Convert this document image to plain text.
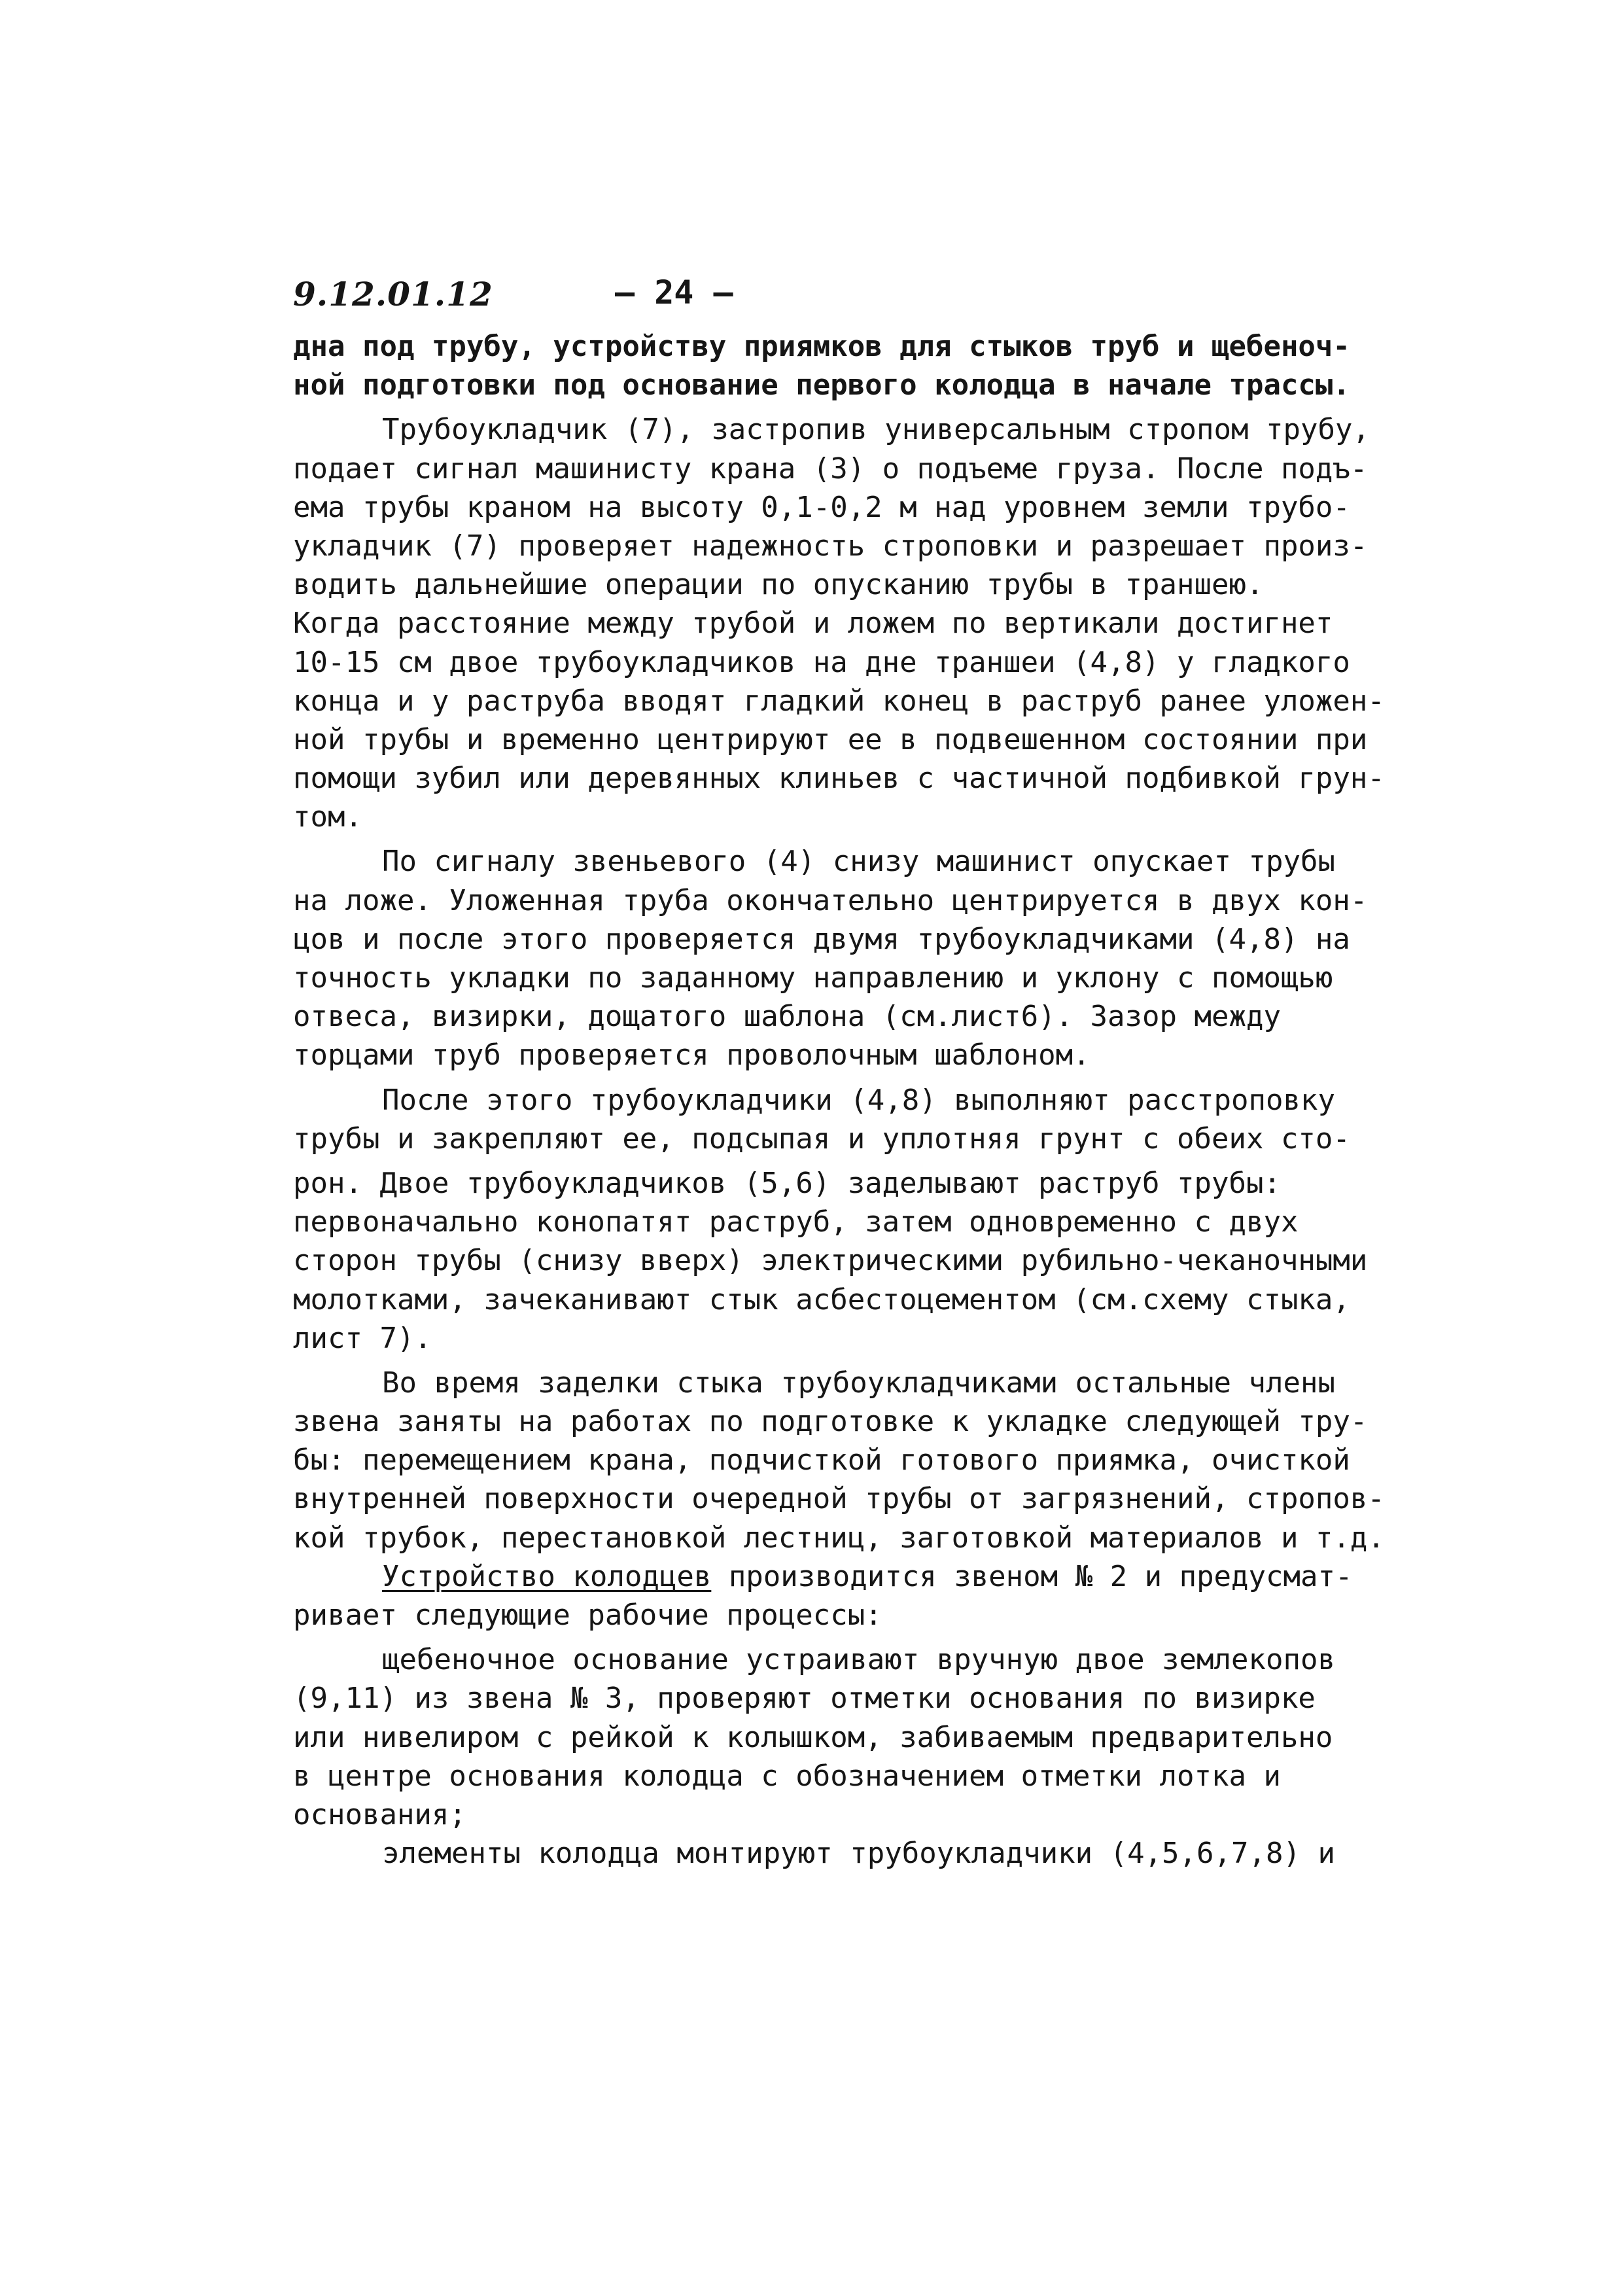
9.12.01.12	– 24 –
дна под трубу, устройству приямков для стыков труб и щебеноч-
ной подготовки под основание первого колодца в начале трассы.
Трубоукладчик (7), застропив универсальным стропом трубу,
подает сигнал машинисту крана (3) о подъеме груза. После подъ-
ема трубы краном на высоту 0,1-0,2 м над уровнем земли трубо-
укладчик (7) проверяет надежность строповки и разрешает произ-
водить дальнейшие операции по опусканию трубы в траншею.
Когда расстояние между трубой и ложем по вертикали достигнет
10-15 см двое трубоукладчиков на дне траншеи (4,8) у гладкого
конца и у раструба вводят гладкий конец в раструб ранее уложен-
ной трубы и временно центрируют ее в подвешенном состоянии при
помощи зубил или деревянных клиньев с частичной подбивкой грун-
том.
По сигналу звеньевого (4) снизу машинист опускает трубы
на ложе. Уложенная труба окончательно центрируется в двух кон-
цов и после этого проверяется двумя трубоукладчиками (4,8) на
точность укладки по заданному направлению и уклону с помощью
отвеса, визирки, дощатого шаблона (см.лист6). Зазор между
торцами труб проверяется проволочным шаблоном.
После этого трубоукладчики (4,8) выполняют расстроповку
трубы и закрепляют ее, подсыпая и уплотняя грунт с обеих сто-
рон. Двое трубоукладчиков (5,6) заделывают раструб трубы:
первоначально конопатят раструб, затем одновременно с двух
сторон трубы (снизу вверх) электрическими рубильно-чеканочными
молотками, зачеканивают стык асбестоцементом (см.схему стыка,
лист 7).
Во время заделки стыка трубоукладчиками остальные члены
звена заняты на работах по подготовке к укладке следующей тру-
бы: перемещением крана, подчисткой готового приямка, очисткой
внутренней поверхности очередной трубы от загрязнений, стропов-
кой трубок, перестановкой лестниц, заготовкой материалов и т.д.
Устройство колодцев производится звеном № 2 и предусмат-
ривает следующие рабочие процессы:
щебеночное основание устраивают вручную двое землекопов
(9,11) из звена № 3, проверяют отметки основания по визирке
или нивелиром с рейкой к колышком, забиваемым предварительно
в центре основания колодца с обозначением отметки лотка и
основания;
элементы колодца монтируют трубоукладчики (4,5,6,7,8) и
